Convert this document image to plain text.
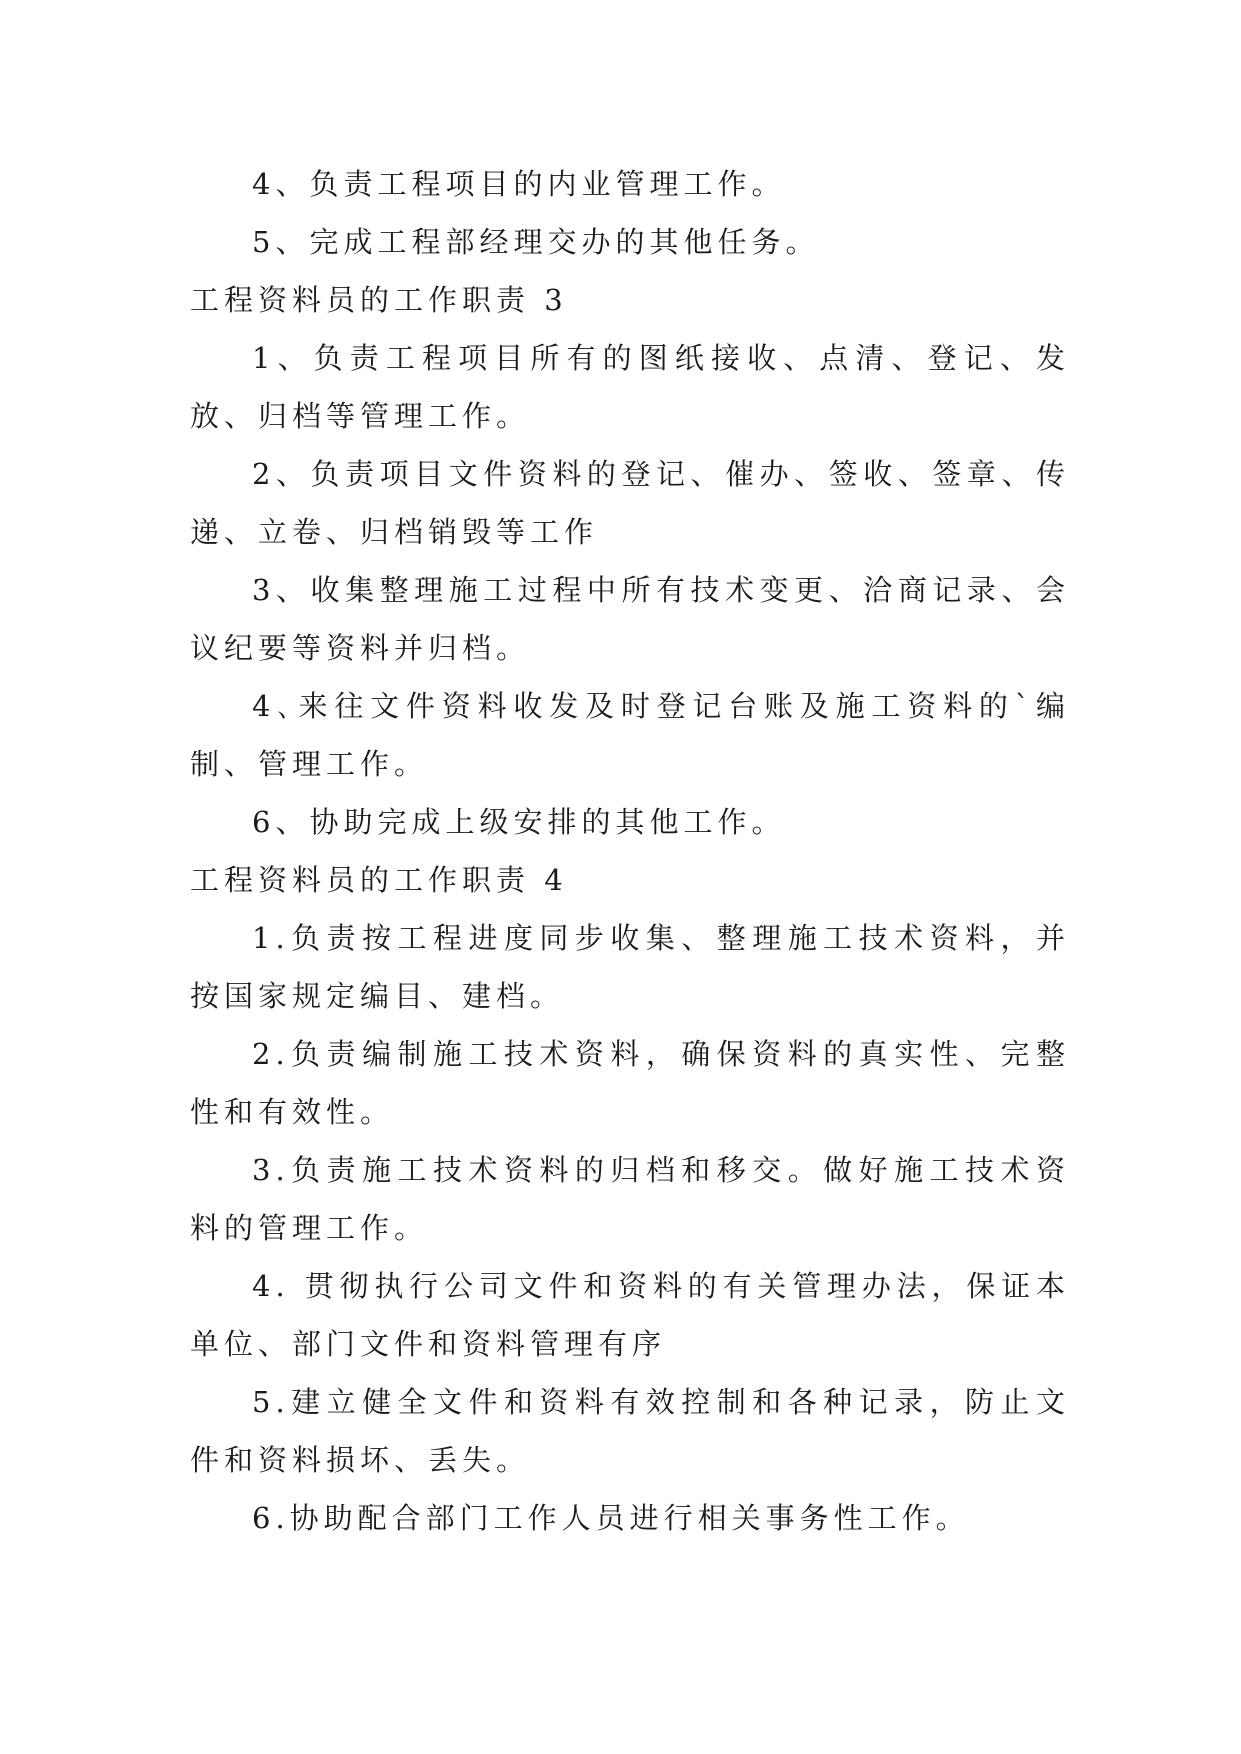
4、负责工程项目的内业管理工作。

5、完成工程部经理交办的其他任务。

工程资料员的工作职责 3

1、负责工程项目所有的图纸接收、点清、登记、发放、归档等管理工作。

2、负责项目文件资料的登记、催办、签收、签章、传递、立卷、归档销毁等工作

3、收集整理施工过程中所有技术变更、洽商记录、会议纪要等资料并归档。

4､来往文件资料收发及时登记台账及施工资料的`编制、管理工作。

6、协助完成上级安排的其他工作。

工程资料员的工作职责 4

1.负责按工程进度同步收集、整理施工技术资料，并按国家规定编目、建档。

2.负责编制施工技术资料，确保资料的真实性、完整性和有效性。

3.负责施工技术资料的归档和移交。做好施工技术资料的管理工作。

4. 贯彻执行公司文件和资料的有关管理办法，保证本单位、部门文件和资料管理有序

5.建立健全文件和资料有效控制和各种记录，防止文件和资料损坏、丢失。

6.协助配合部门工作人员进行相关事务性工作。
